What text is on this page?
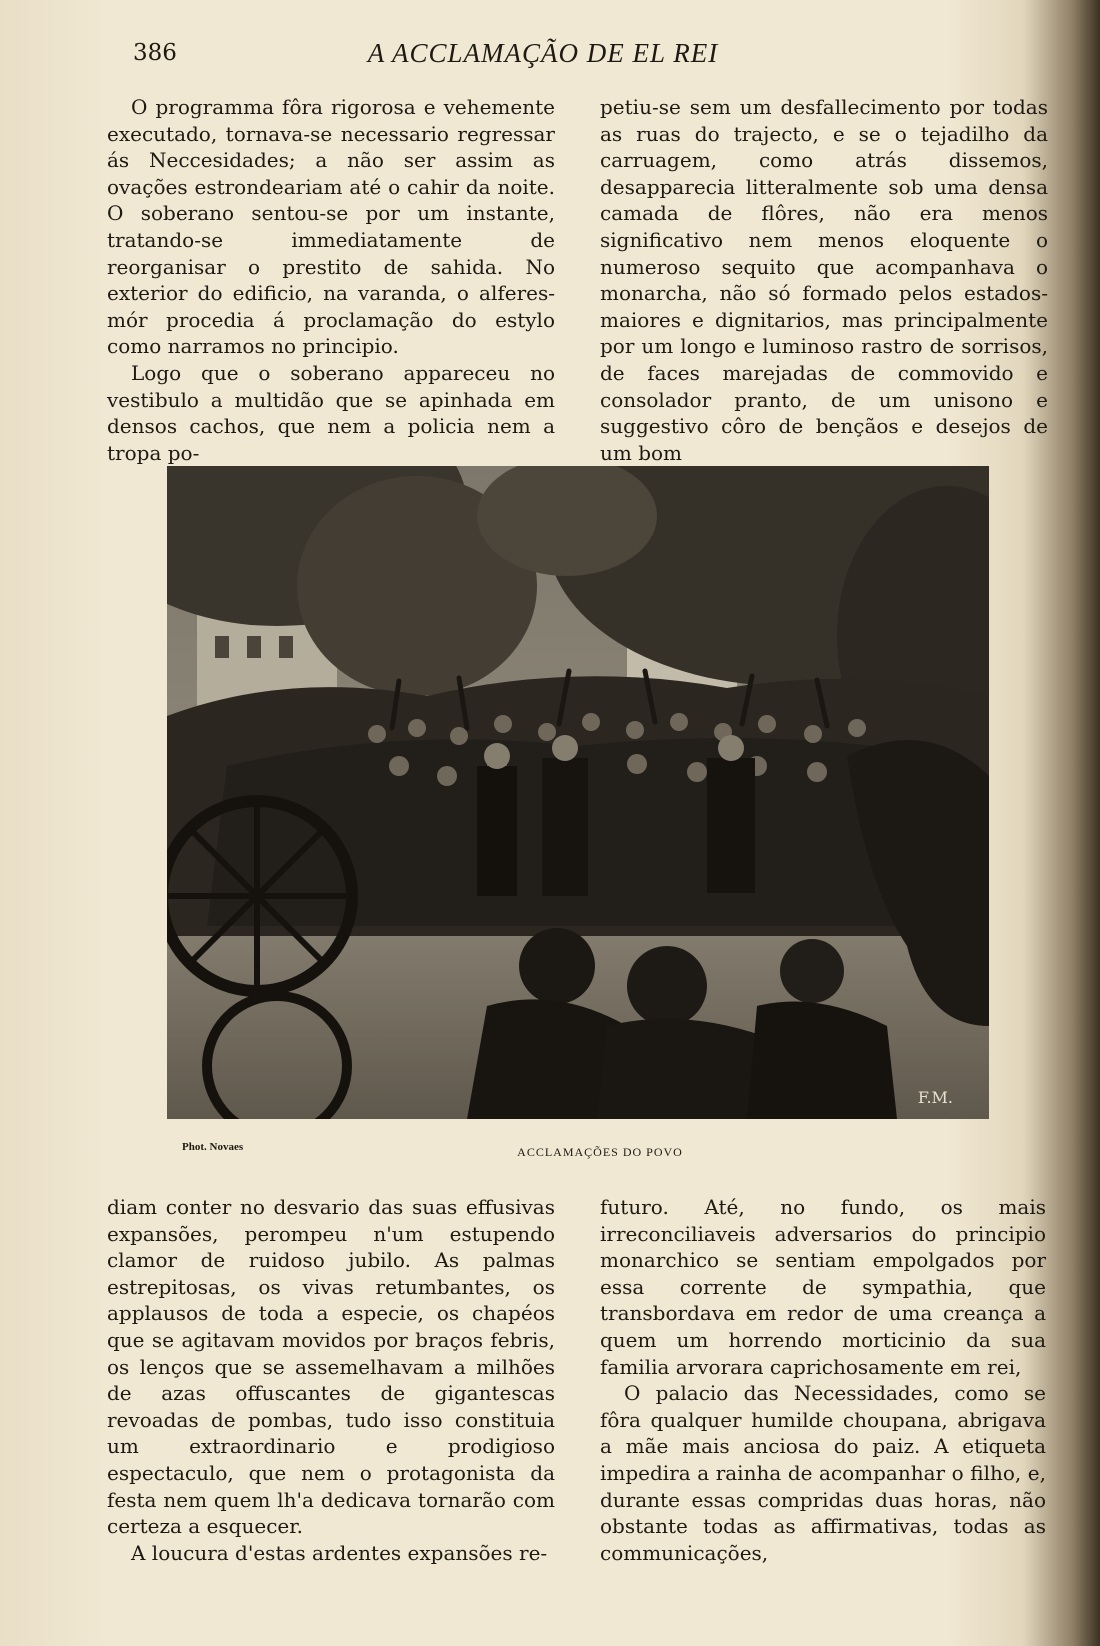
386	A ACCLAMAÇÃO DE EL REI

O programma fôra rigorosa e vehemente executado, tornava-se necessario regressar ás Neccesidades; a não ser assim as ovações estrondeariam até o cahir da noite. O soberano sentou-se por um instante, tratando-se immediatamente de reorganisar o prestito de sahida. No exterior do edificio, na varanda, o alferes-mór procedia á proclamação do estylo como narramos no principio.

Logo que o soberano appareceu no vestibulo a multidão que se apinhada em densos cachos, que nem a policia nem a tropa po-

petiu-se sem um desfallecimento por todas as ruas do trajecto, e se o tejadilho da carruagem, como atrás dissemos, desapparecia litteralmente sob uma densa camada de flôres, não era menos significativo nem menos eloquente o numeroso sequito que acompanhava o monarcha, não só formado pelos estados-maiores e dignitarios, mas principalmente por um longo e luminoso rastro de sorrisos, de faces marejadas de commovido e consolador pranto, de um unisono e suggestivo côro de bençãos e desejos de um bom

F.M.
Phot. Novaes	ACCLAMAÇÕES DO POVO

diam conter no desvario das suas effusivas expansões, perompeu n'um estupendo clamor de ruidoso jubilo. As palmas estrepitosas, os vivas retumbantes, os applausos de toda a especie, os chapéos que se agitavam movidos por braços febris, os lenços que se assemelhavam a milhões de azas offuscantes de gigantescas revoadas de pombas, tudo isso constituia um extraordinario e prodigioso espectaculo, que nem o protagonista da festa nem quem lh'a dedicava tornarão com certeza a esquecer.

A loucura d'estas ardentes expansões re-

futuro. Até, no fundo, os mais irreconciliaveis adversarios do principio monarchico se sentiam empolgados por essa corrente de sympathia, que transbordava em redor de uma creança a quem um horrendo morticinio da sua familia arvorara caprichosamente em rei,

O palacio das Necessidades, como se fôra qualquer humilde choupana, abrigava a mãe mais anciosa do paiz. A etiqueta impedira a rainha de acompanhar o filho, e, durante essas compridas duas horas, não obstante todas as affirmativas, todas as communicações,
